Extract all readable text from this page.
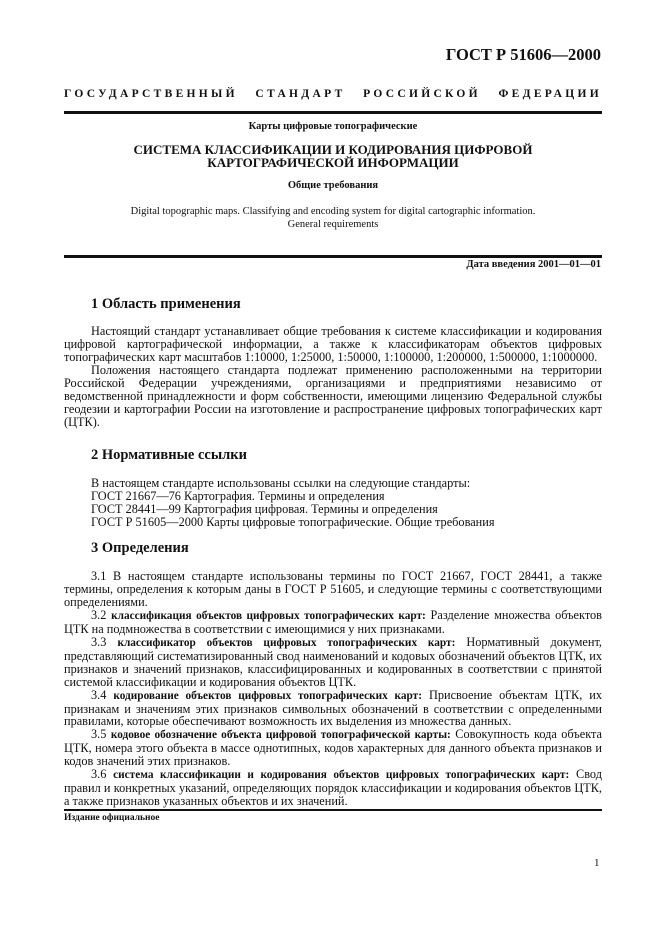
ГОСТ Р 51606—2000
ГОСУДАРСТВЕННЫЙ СТАНДАРТ РОССИЙСКОЙ ФЕДЕРАЦИИ
Карты цифровые топографические
СИСТЕМА КЛАССИФИКАЦИИ И КОДИРОВАНИЯ ЦИФРОВОЙ
КАРТОГРАФИЧЕСКОЙ ИНФОРМАЦИИ
Общие требования
Digital topographic maps. Classifying and encoding system for digital cartographic information.
General requirements
Дата введения 2001—01—01
1 Область применения

Настоящий стандарт устанавливает общие требования к системе классификации и кодирования цифровой картографической информации, а также к классификаторам объектов цифровых топографических карт масштабов 1:10000, 1:25000, 1:50000, 1:100000, 1:200000, 1:500000, 1:1000000.

Положения настоящего стандарта подлежат применению расположенными на территории Российской Федерации учреждениями, организациями и предприятиями независимо от ведомственной принадлежности и форм собственности, имеющими лицензию Федеральной службы геодезии и картографии России на изготовление и распространение цифровых топографических карт (ЦТК).

2 Нормативные ссылки
В настоящем стандарте использованы ссылки на следующие стандарты:
ГОСТ 21667—76 Картография. Термины и определения
ГОСТ 28441—99 Картография цифровая. Термины и определения
ГОСТ Р 51605—2000 Карты цифровые топографические. Общие требования
3 Определения

3.1 В настоящем стандарте использованы термины по ГОСТ 21667, ГОСТ 28441, а также термины, определения к которым даны в ГОСТ Р 51605, и следующие термины с соответствующими определениями.

3.2 классификация объектов цифровых топографических карт: Разделение множества объектов ЦТК на подмножества в соответствии с имеющимися у них признаками.

3.3 классификатор объектов цифровых топографических карт: Нормативный документ, представляющий систематизированный свод наименований и кодовых обозначений объектов ЦТК, их признаков и значений признаков, классифицированных и кодированных в соответствии с принятой системой классификации и кодирования объектов ЦТК.

3.4 кодирование объектов цифровых топографических карт: Присвоение объектам ЦТК, их признакам и значениям этих признаков символьных обозначений в соответствии с определенными правилами, которые обеспечивают возможность их выделения из множества данных.

3.5 кодовое обозначение объекта цифровой топографической карты: Совокупность кода объекта ЦТК, номера этого объекта в массе однотипных, кодов характерных для данного объекта признаков и кодов значений этих признаков.

3.6 система классификации и кодирования объектов цифровых топографических карт: Свод правил и конкретных указаний, определяющих порядок классификации и кодирования объектов ЦТК, а также признаков указанных объектов и их значений.

Издание официальное
1
